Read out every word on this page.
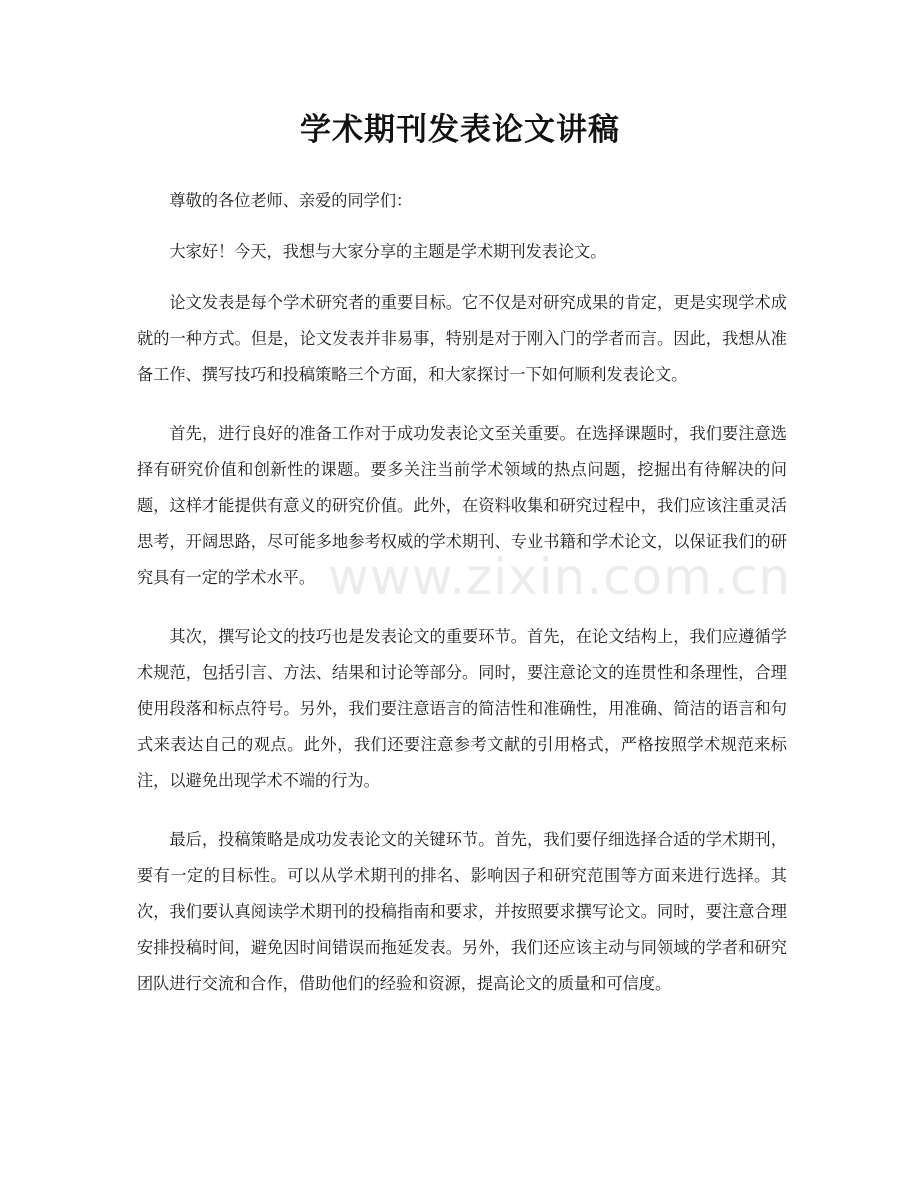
学术期刊发表论文讲稿

尊敬的各位老师、亲爱的同学们：

大家好！今天，我想与大家分享的主题是学术期刊发表论文。

论文发表是每个学术研究者的重要目标。它不仅是对研究成果的肯定，更是实现学术成就的一种方式。但是，论文发表并非易事，特别是对于刚入门的学者而言。因此，我想从准备工作、撰写技巧和投稿策略三个方面，和大家探讨一下如何顺利发表论文。

首先，进行良好的准备工作对于成功发表论文至关重要。在选择课题时，我们要注意选择有研究价值和创新性的课题。要多关注当前学术领域的热点问题，挖掘出有待解决的问题，这样才能提供有意义的研究价值。此外，在资料收集和研究过程中，我们应该注重灵活思考，开阔思路，尽可能多地参考权威的学术期刊、专业书籍和学术论文，以保证我们的研究具有一定的学术水平。

其次，撰写论文的技巧也是发表论文的重要环节。首先，在论文结构上，我们应遵循学术规范，包括引言、方法、结果和讨论等部分。同时，要注意论文的连贯性和条理性，合理使用段落和标点符号。另外，我们要注意语言的简洁性和准确性，用准确、简洁的语言和句式来表达自己的观点。此外，我们还要注意参考文献的引用格式，严格按照学术规范来标注，以避免出现学术不端的行为。

最后，投稿策略是成功发表论文的关键环节。首先，我们要仔细选择合适的学术期刊，要有一定的目标性。可以从学术期刊的排名、影响因子和研究范围等方面来进行选择。其次，我们要认真阅读学术期刊的投稿指南和要求，并按照要求撰写论文。同时，要注意合理安排投稿时间，避免因时间错误而拖延发表。另外，我们还应该主动与同领域的学者和研究团队进行交流和合作，借助他们的经验和资源，提高论文的质量和可信度。

www.zixin.com.cn
